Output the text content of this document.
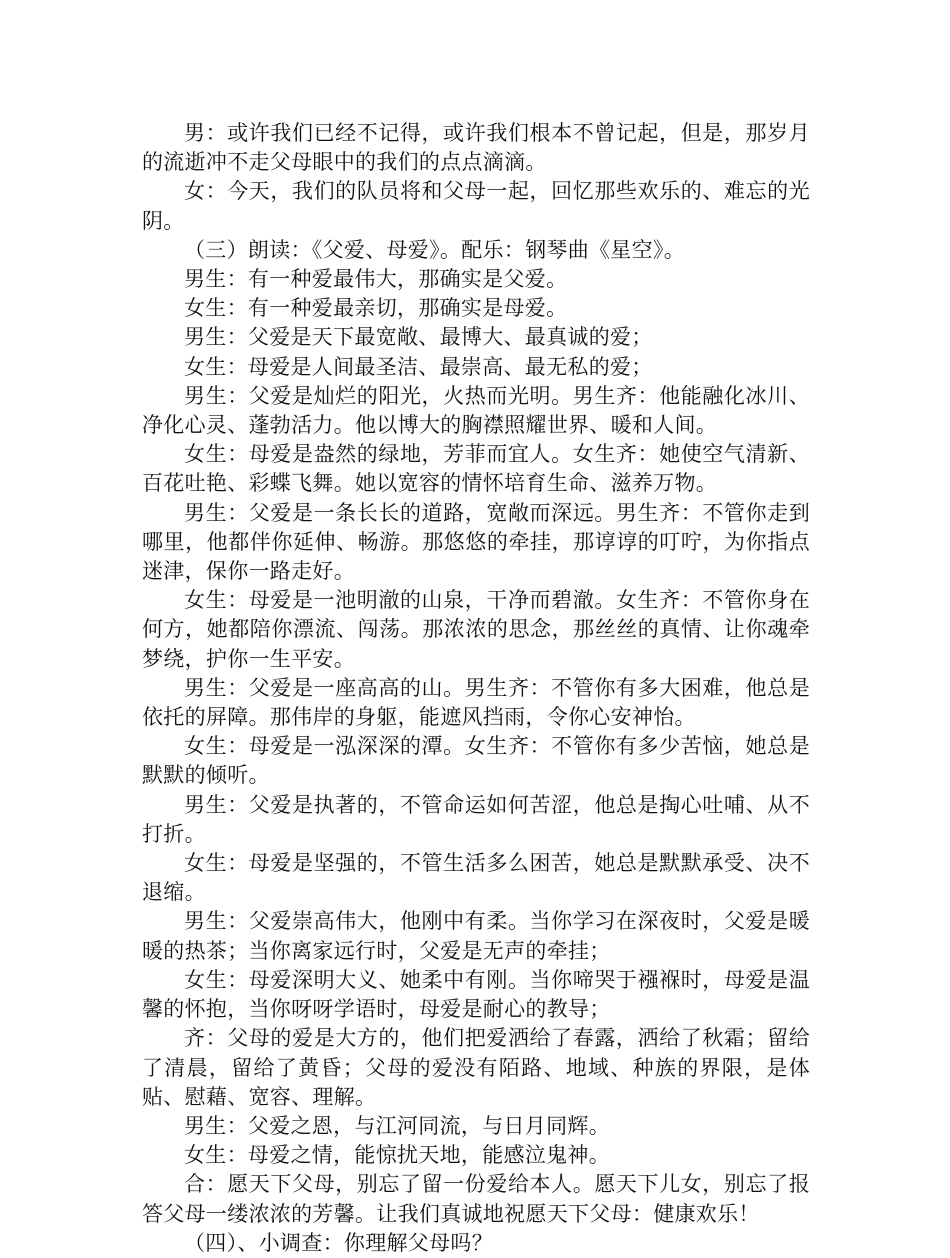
男：或许我们已经不记得，或许我们根本不曾记起，但是，那岁月的流逝冲不走父母眼中的我们的点点滴滴。

女：今天，我们的队员将和父母一起，回忆那些欢乐的、难忘的光阴。

（三）朗读：《父爱、母爱》。配乐：钢琴曲《星空》。

男生：有一种爱最伟大，那确实是父爱。

女生：有一种爱最亲切，那确实是母爱。

男生：父爱是天下最宽敞、最博大、最真诚的爱；

女生：母爱是人间最圣洁、最崇高、最无私的爱；

男生：父爱是灿烂的阳光，火热而光明。男生齐：他能融化冰川、净化心灵、蓬勃活力。他以博大的胸襟照耀世界、暖和人间。

女生：母爱是盎然的绿地，芳菲而宜人。女生齐：她使空气清新、百花吐艳、彩蝶飞舞。她以宽容的情怀培育生命、滋养万物。

男生：父爱是一条长长的道路，宽敞而深远。男生齐：不管你走到哪里，他都伴你延伸、畅游。那悠悠的牵挂，那谆谆的叮咛，为你指点迷津，保你一路走好。

女生：母爱是一池明澈的山泉，干净而碧澈。女生齐：不管你身在何方，她都陪你漂流、闯荡。那浓浓的思念，那丝丝的真情、让你魂牵梦绕，护你一生平安。

男生：父爱是一座高高的山。男生齐：不管你有多大困难，他总是依托的屏障。那伟岸的身躯，能遮风挡雨，令你心安神怡。

女生：母爱是一泓深深的潭。女生齐：不管你有多少苦恼，她总是默默的倾听。

男生：父爱是执著的，不管命运如何苦涩，他总是掏心吐哺、从不打折。

女生：母爱是坚强的，不管生活多么困苦，她总是默默承受、决不退缩。

男生：父爱崇高伟大，他刚中有柔。当你学习在深夜时，父爱是暖暖的热茶；当你离家远行时，父爱是无声的牵挂；

女生：母爱深明大义、她柔中有刚。当你啼哭于襁褓时，母爱是温馨的怀抱，当你呀呀学语时，母爱是耐心的教导；

齐：父母的爱是大方的，他们把爱洒给了春露，洒给了秋霜；留给了清晨，留给了黄昏；父母的爱没有陌路、地域、种族的界限，是体贴、慰藉、宽容、理解。

男生：父爱之恩，与江河同流，与日月同辉。

女生：母爱之情，能惊扰天地，能感泣鬼神。

合：愿天下父母，别忘了留一份爱给本人。愿天下儿女，别忘了报答父母一缕浓浓的芳馨。让我们真诚地祝愿天下父母：健康欢乐！

（四）、小调查：你理解父母吗？
